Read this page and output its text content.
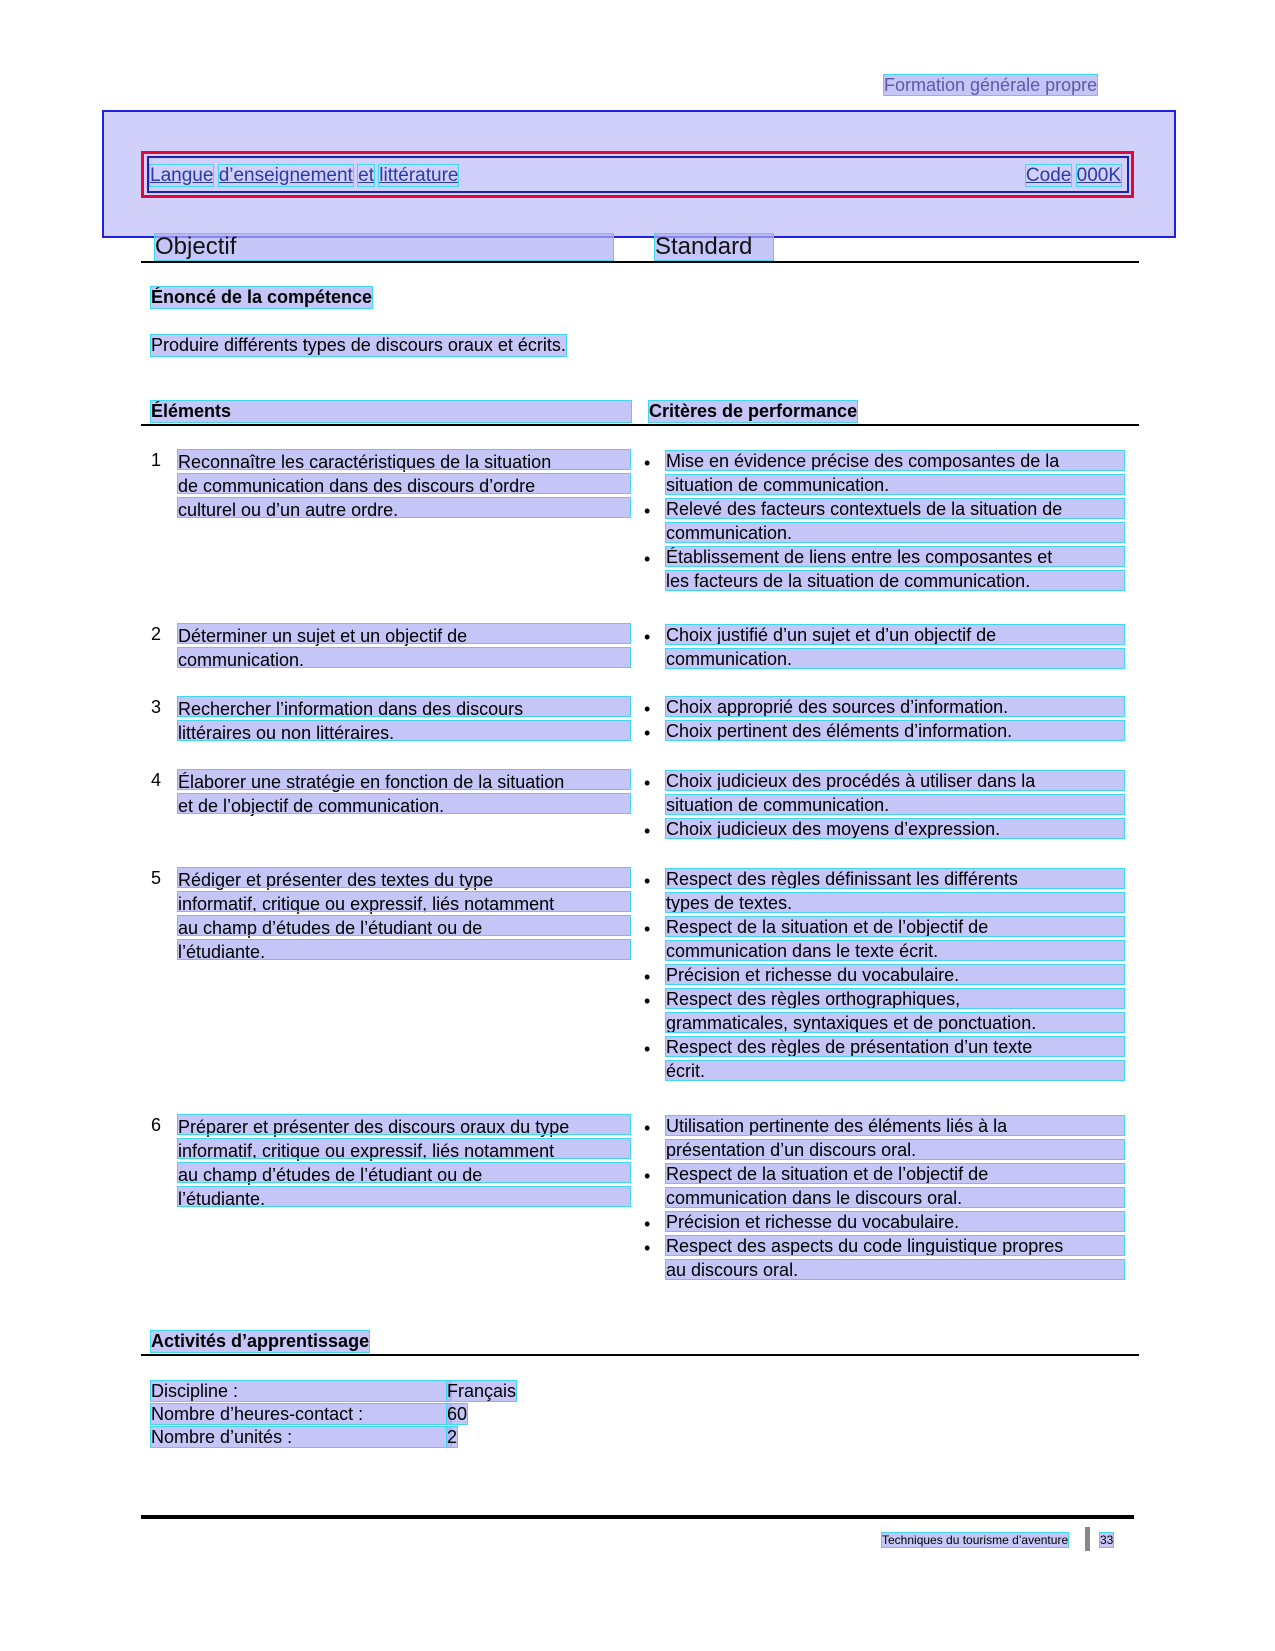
Formation générale propre
Langue d’enseignement et littérature	Code 000K
Objectif	Standard
Énoncé de la compétence
Produire différents types de discours oraux et écrits.
Éléments	Critères de performance
1 Reconnaître les caractéristiques de la situation
de communication dans des discours d’ordre
culturel ou d’un autre ordre.
• Mise en évidence précise des composantes de la
situation de communication.
• Relevé des facteurs contextuels de la situation de
communication.
• Établissement de liens entre les composantes et
les facteurs de la situation de communication.
2 Déterminer un sujet et un objectif de
communication.
• Choix justifié d’un sujet et d’un objectif de
communication.
3 Rechercher l’information dans des discours
littéraires ou non littéraires.
• Choix approprié des sources d’information.
• Choix pertinent des éléments d’information.
4 Élaborer une stratégie en fonction de la situation
et de l’objectif de communication.
• Choix judicieux des procédés à utiliser dans la
situation de communication.
• Choix judicieux des moyens d’expression.
5 Rédiger et présenter des textes du type
informatif, critique ou expressif, liés notamment
au champ d’études de l’étudiant ou de
l’étudiante.
• Respect des règles définissant les différents
types de textes.
• Respect de la situation et de l’objectif de
communication dans le texte écrit.
• Précision et richesse du vocabulaire.
• Respect des règles orthographiques,
grammaticales, syntaxiques et de ponctuation.
• Respect des règles de présentation d’un texte
écrit.
6 Préparer et présenter des discours oraux du type
informatif, critique ou expressif, liés notamment
au champ d’études de l’étudiant ou de
l’étudiante.
• Utilisation pertinente des éléments liés à la
présentation d’un discours oral.
• Respect de la situation et de l’objectif de
communication dans le discours oral.
• Précision et richesse du vocabulaire.
• Respect des aspects du code linguistique propres
au discours oral.
Activités d’apprentissage
Discipline :	Français
Nombre d’heures-contact :	60
Nombre d’unités :	2
Techniques du tourisme d’aventure	33
